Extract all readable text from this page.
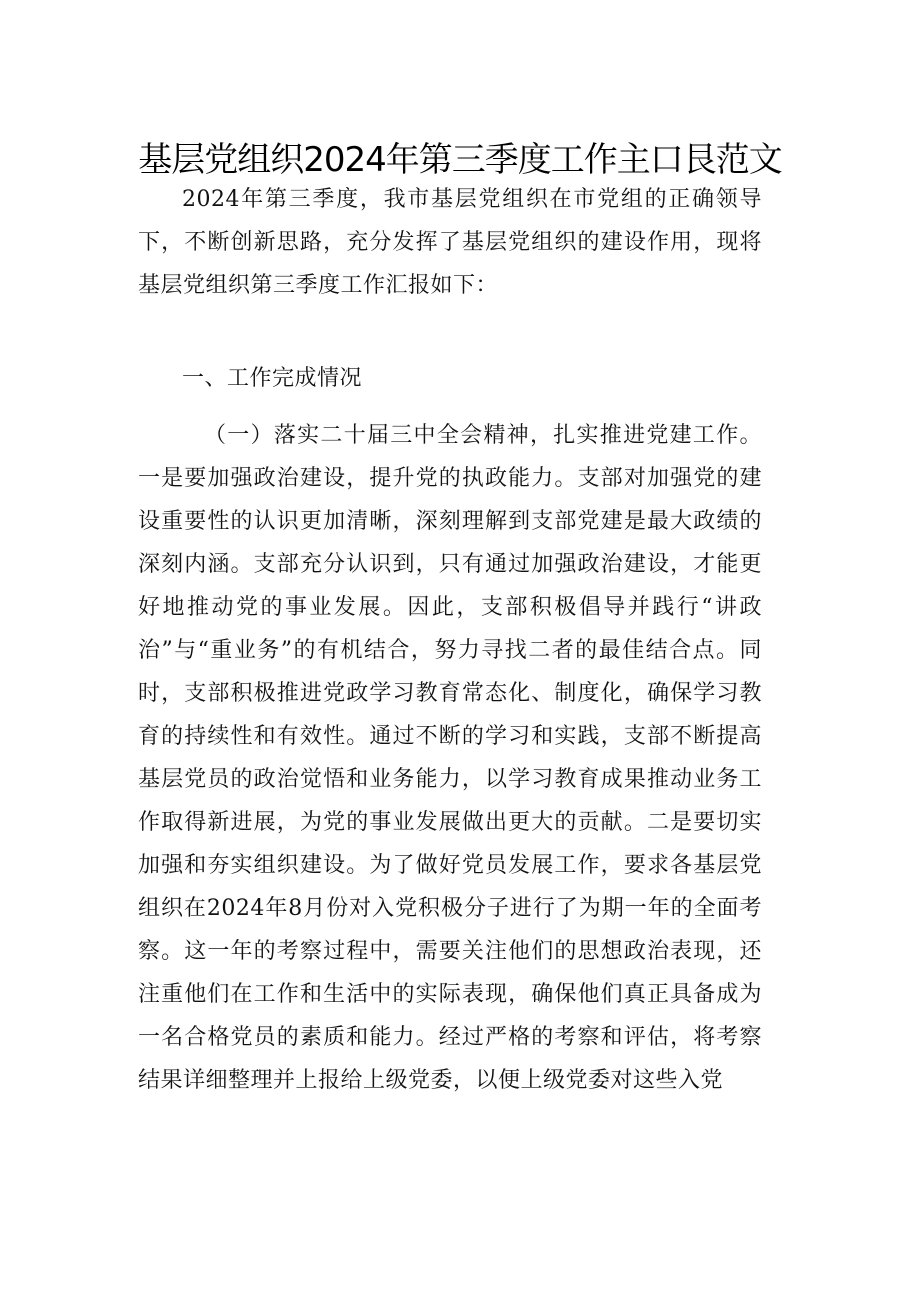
基层党组织2024年第三季度工作主口艮范文

2024年第三季度，我市基层党组织在市党组的正确领导下，不断创新思路，充分发挥了基层党组织的建设作用，现将基层党组织第三季度工作汇报如下：

一、工作完成情况

（一）落实二十届三中全会精神，扎实推进党建工作。一是要加强政治建设，提升党的执政能力。支部对加强党的建设重要性的认识更加清晰，深刻理解到支部党建是最大政绩的深刻内涵。支部充分认识到，只有通过加强政治建设，才能更好地推动党的事业发展。因此，支部积极倡导并践行“讲政治”与“重业务”的有机结合，努力寻找二者的最佳结合点。同时，支部积极推进党政学习教育常态化、制度化，确保学习教育的持续性和有效性。通过不断的学习和实践，支部不断提高基层党员的政治觉悟和业务能力，以学习教育成果推动业务工作取得新进展，为党的事业发展做出更大的贡献。二是要切实加强和夯实组织建设。为了做好党员发展工作，要求各基层党组织在2024年8月份对入党积极分子进行了为期一年的全面考察。这一年的考察过程中，需要关注他们的思想政治表现，还注重他们在工作和生活中的实际表现，确保他们真正具备成为一名合格党员的素质和能力。经过严格的考察和评估，将考察结果详细整理并上报给上级党委，以便上级党委对这些入党
